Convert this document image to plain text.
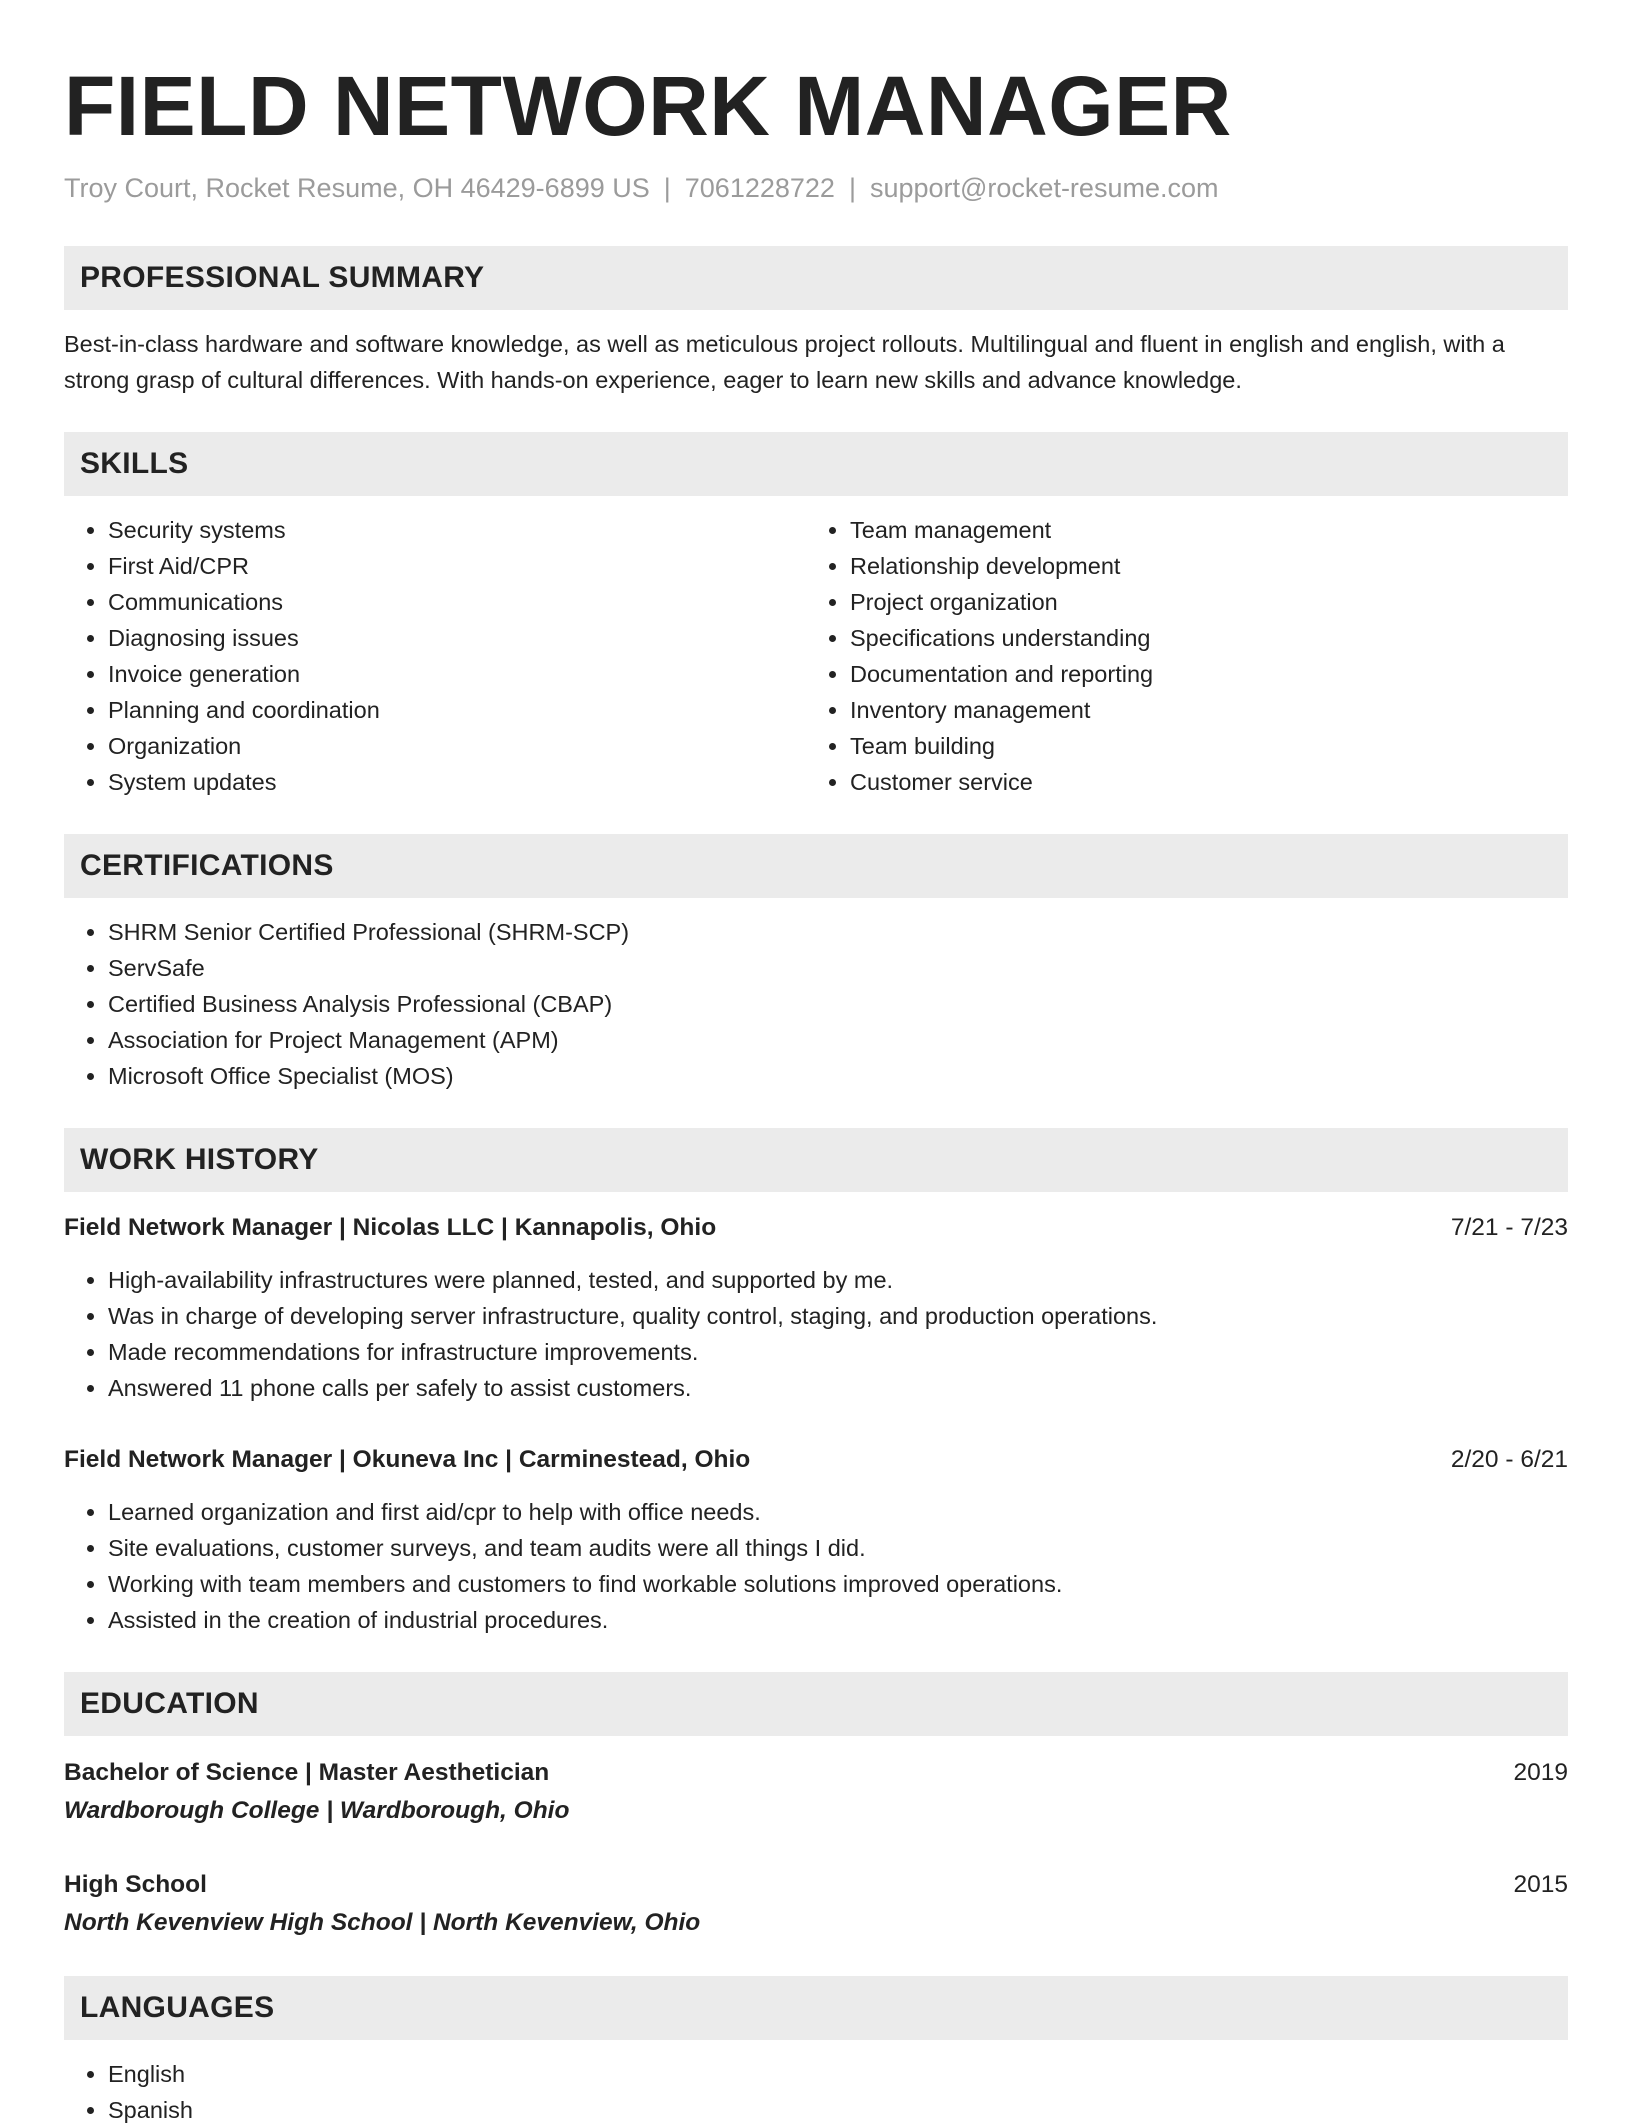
FIELD NETWORK MANAGER
Troy Court, Rocket Resume, OH 46429-6899 US | 7061228722 | support@rocket-resume.com
PROFESSIONAL SUMMARY
Best-in-class hardware and software knowledge, as well as meticulous project rollouts. Multilingual and fluent in english and english, with a strong grasp of cultural differences. With hands-on experience, eager to learn new skills and advance knowledge.
SKILLS
• Security systems
• First Aid/CPR
• Communications
• Diagnosing issues
• Invoice generation
• Planning and coordination
• Organization
• System updates
• Team management
• Relationship development
• Project organization
• Specifications understanding
• Documentation and reporting
• Inventory management
• Team building
• Customer service
CERTIFICATIONS
• SHRM Senior Certified Professional (SHRM-SCP)
• ServSafe
• Certified Business Analysis Professional (CBAP)
• Association for Project Management (APM)
• Microsoft Office Specialist (MOS)
WORK HISTORY
Field Network Manager | Nicolas LLC | Kannapolis, Ohio	7/21 - 7/23
• High-availability infrastructures were planned, tested, and supported by me.
• Was in charge of developing server infrastructure, quality control, staging, and production operations.
• Made recommendations for infrastructure improvements.
• Answered 11 phone calls per safely to assist customers.
Field Network Manager | Okuneva Inc | Carminestead, Ohio	2/20 - 6/21
• Learned organization and first aid/cpr to help with office needs.
• Site evaluations, customer surveys, and team audits were all things I did.
• Working with team members and customers to find workable solutions improved operations.
• Assisted in the creation of industrial procedures.
EDUCATION
Bachelor of Science | Master Aesthetician	2019
Wardborough College | Wardborough, Ohio
High School	2015
North Kevenview High School | North Kevenview, Ohio
LANGUAGES
• English
• Spanish
